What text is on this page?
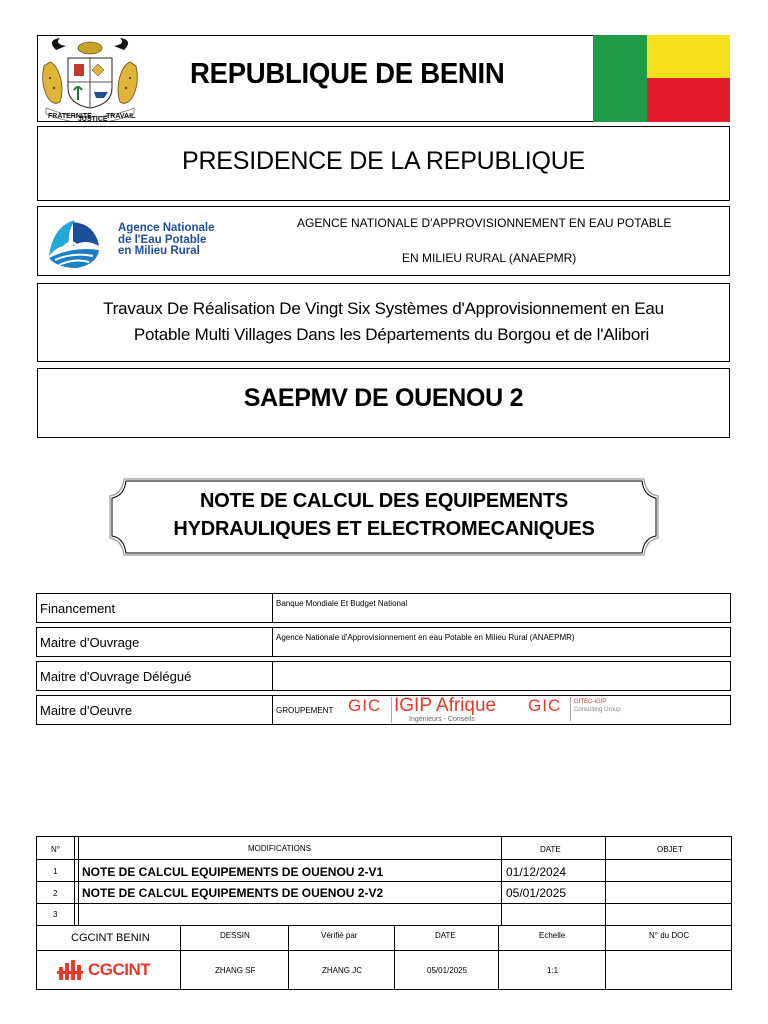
FRATERNITE
JUSTICE
TRAVAIL
REPUBLIQUE DE BENIN
PRESIDENCE DE LA REPUBLIQUE
Agence Nationale
de l'Eau Potable
en Milieu Rural
AGENCE NATIONALE D'APPROVISIONNEMENT EN EAU POTABLE
EN MILIEU RURAL (ANAEPMR)
Travaux De Réalisation De Vingt Six Systèmes d'Approvisionnement en Eau
Potable Multi Villages Dans les Départements du Borgou et de l'Alibori
SAEPMV DE OUENOU 2
NOTE DE CALCUL DES EQUIPEMENTS
HYDRAULIQUES ET ELECTROMECANIQUES
Financement	Banque Mondiale Et Budget National
Maitre d'Ouvrage	Agence Nationale d'Approvisionnement en eau Potable en Milieu Rural (ANAEPMR)
Maitre d'Ouvrage Délégué
Maitre d'Oeuvre	GROUPEMENT GIC IGIP Afrique
Ingénieurs - Conseils
GIC GITEC-IGIP
Consulting Group
N°	MODIFICATIONS	DATE	OBJET
1 NOTE DE CALCUL EQUIPEMENTS DE OUENOU 2-V1	01/12/2024
2 NOTE DE CALCUL EQUIPEMENTS DE OUENOU 2-V2	05/01/2025
3
CGCINT BENIN	DESSIN	Vérifié par	DATE	Echelle	N° du DOC
CGCINT	ZHANG SF	ZHANG JC	05/01/2025	1:1
